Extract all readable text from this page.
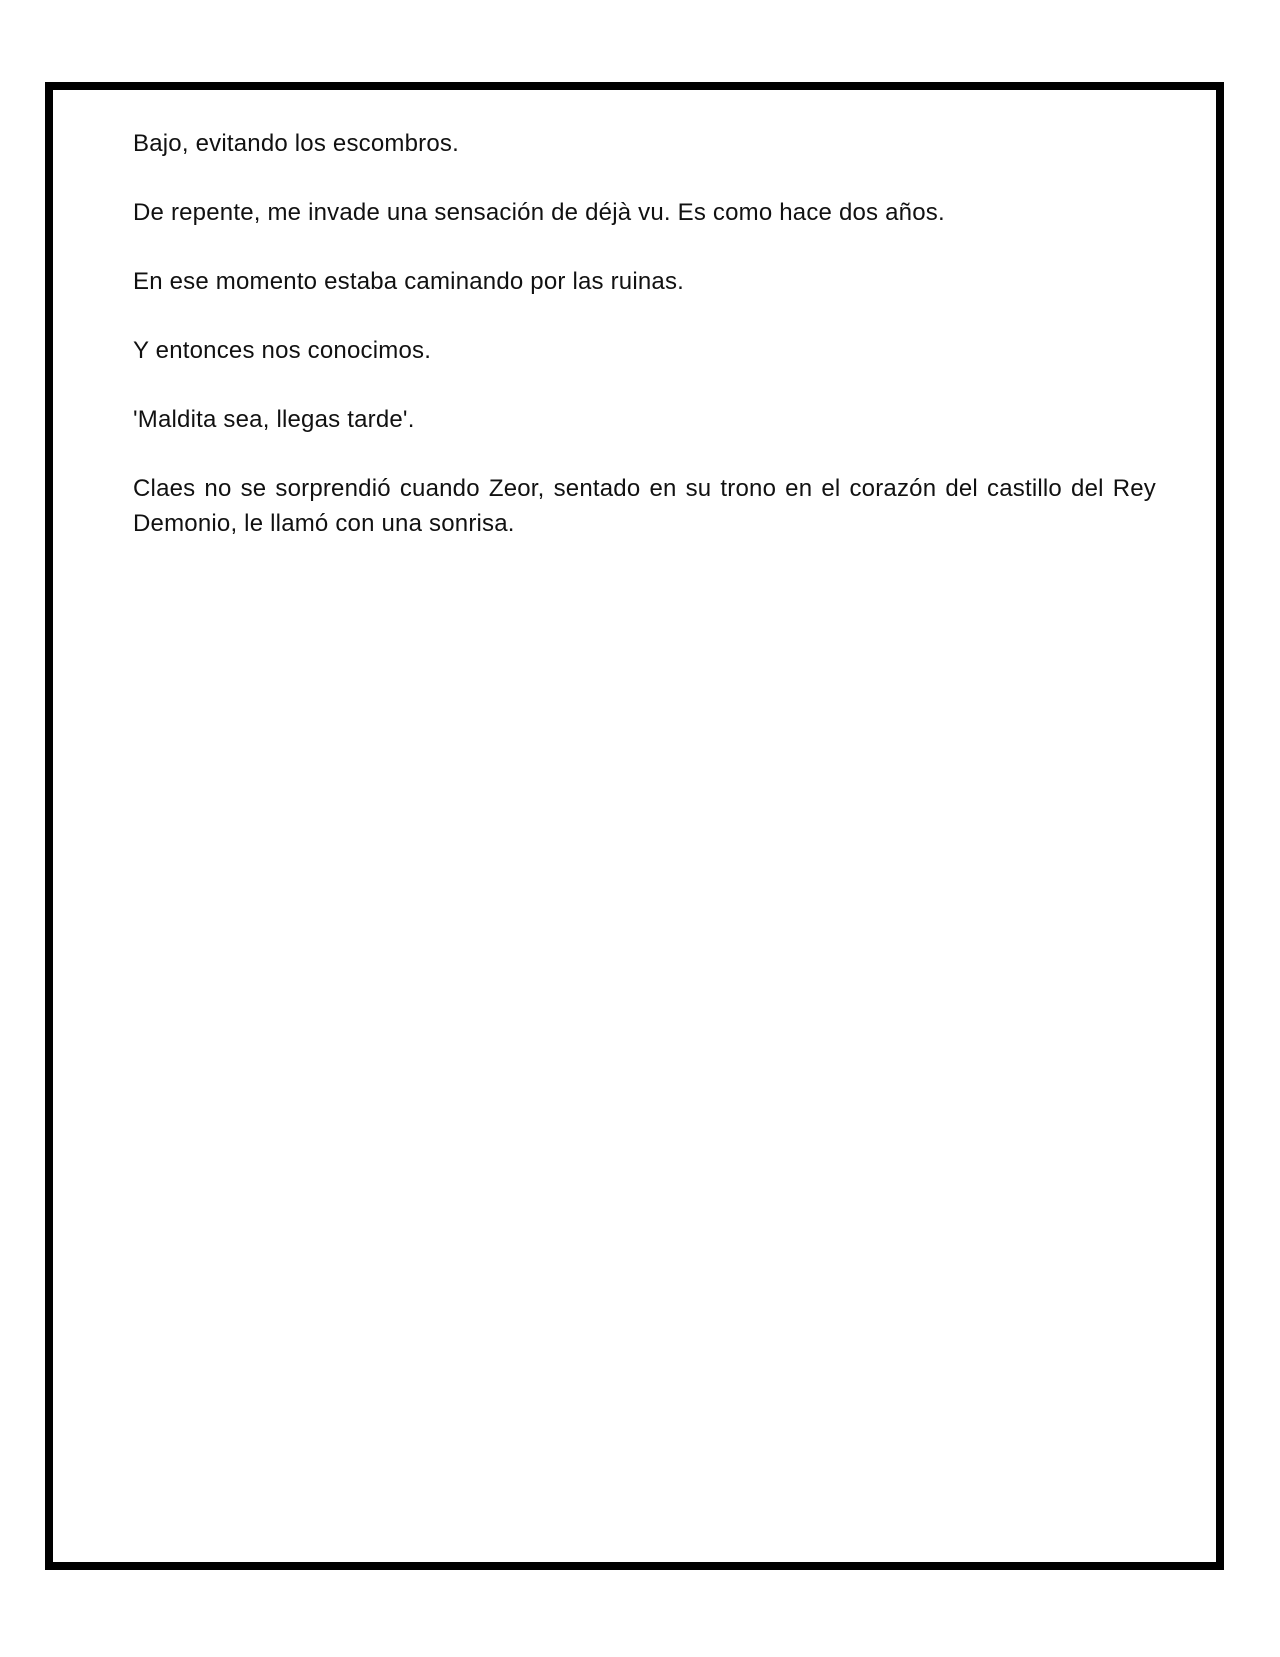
Bajo, evitando los escombros.

De repente, me invade una sensación de déjà vu. Es como hace dos años.

En ese momento estaba caminando por las ruinas.

Y entonces nos conocimos.

'Maldita sea, llegas tarde'.

Claes no se sorprendió cuando Zeor, sentado en su trono en el corazón del castillo del Rey Demonio, le llamó con una sonrisa.
